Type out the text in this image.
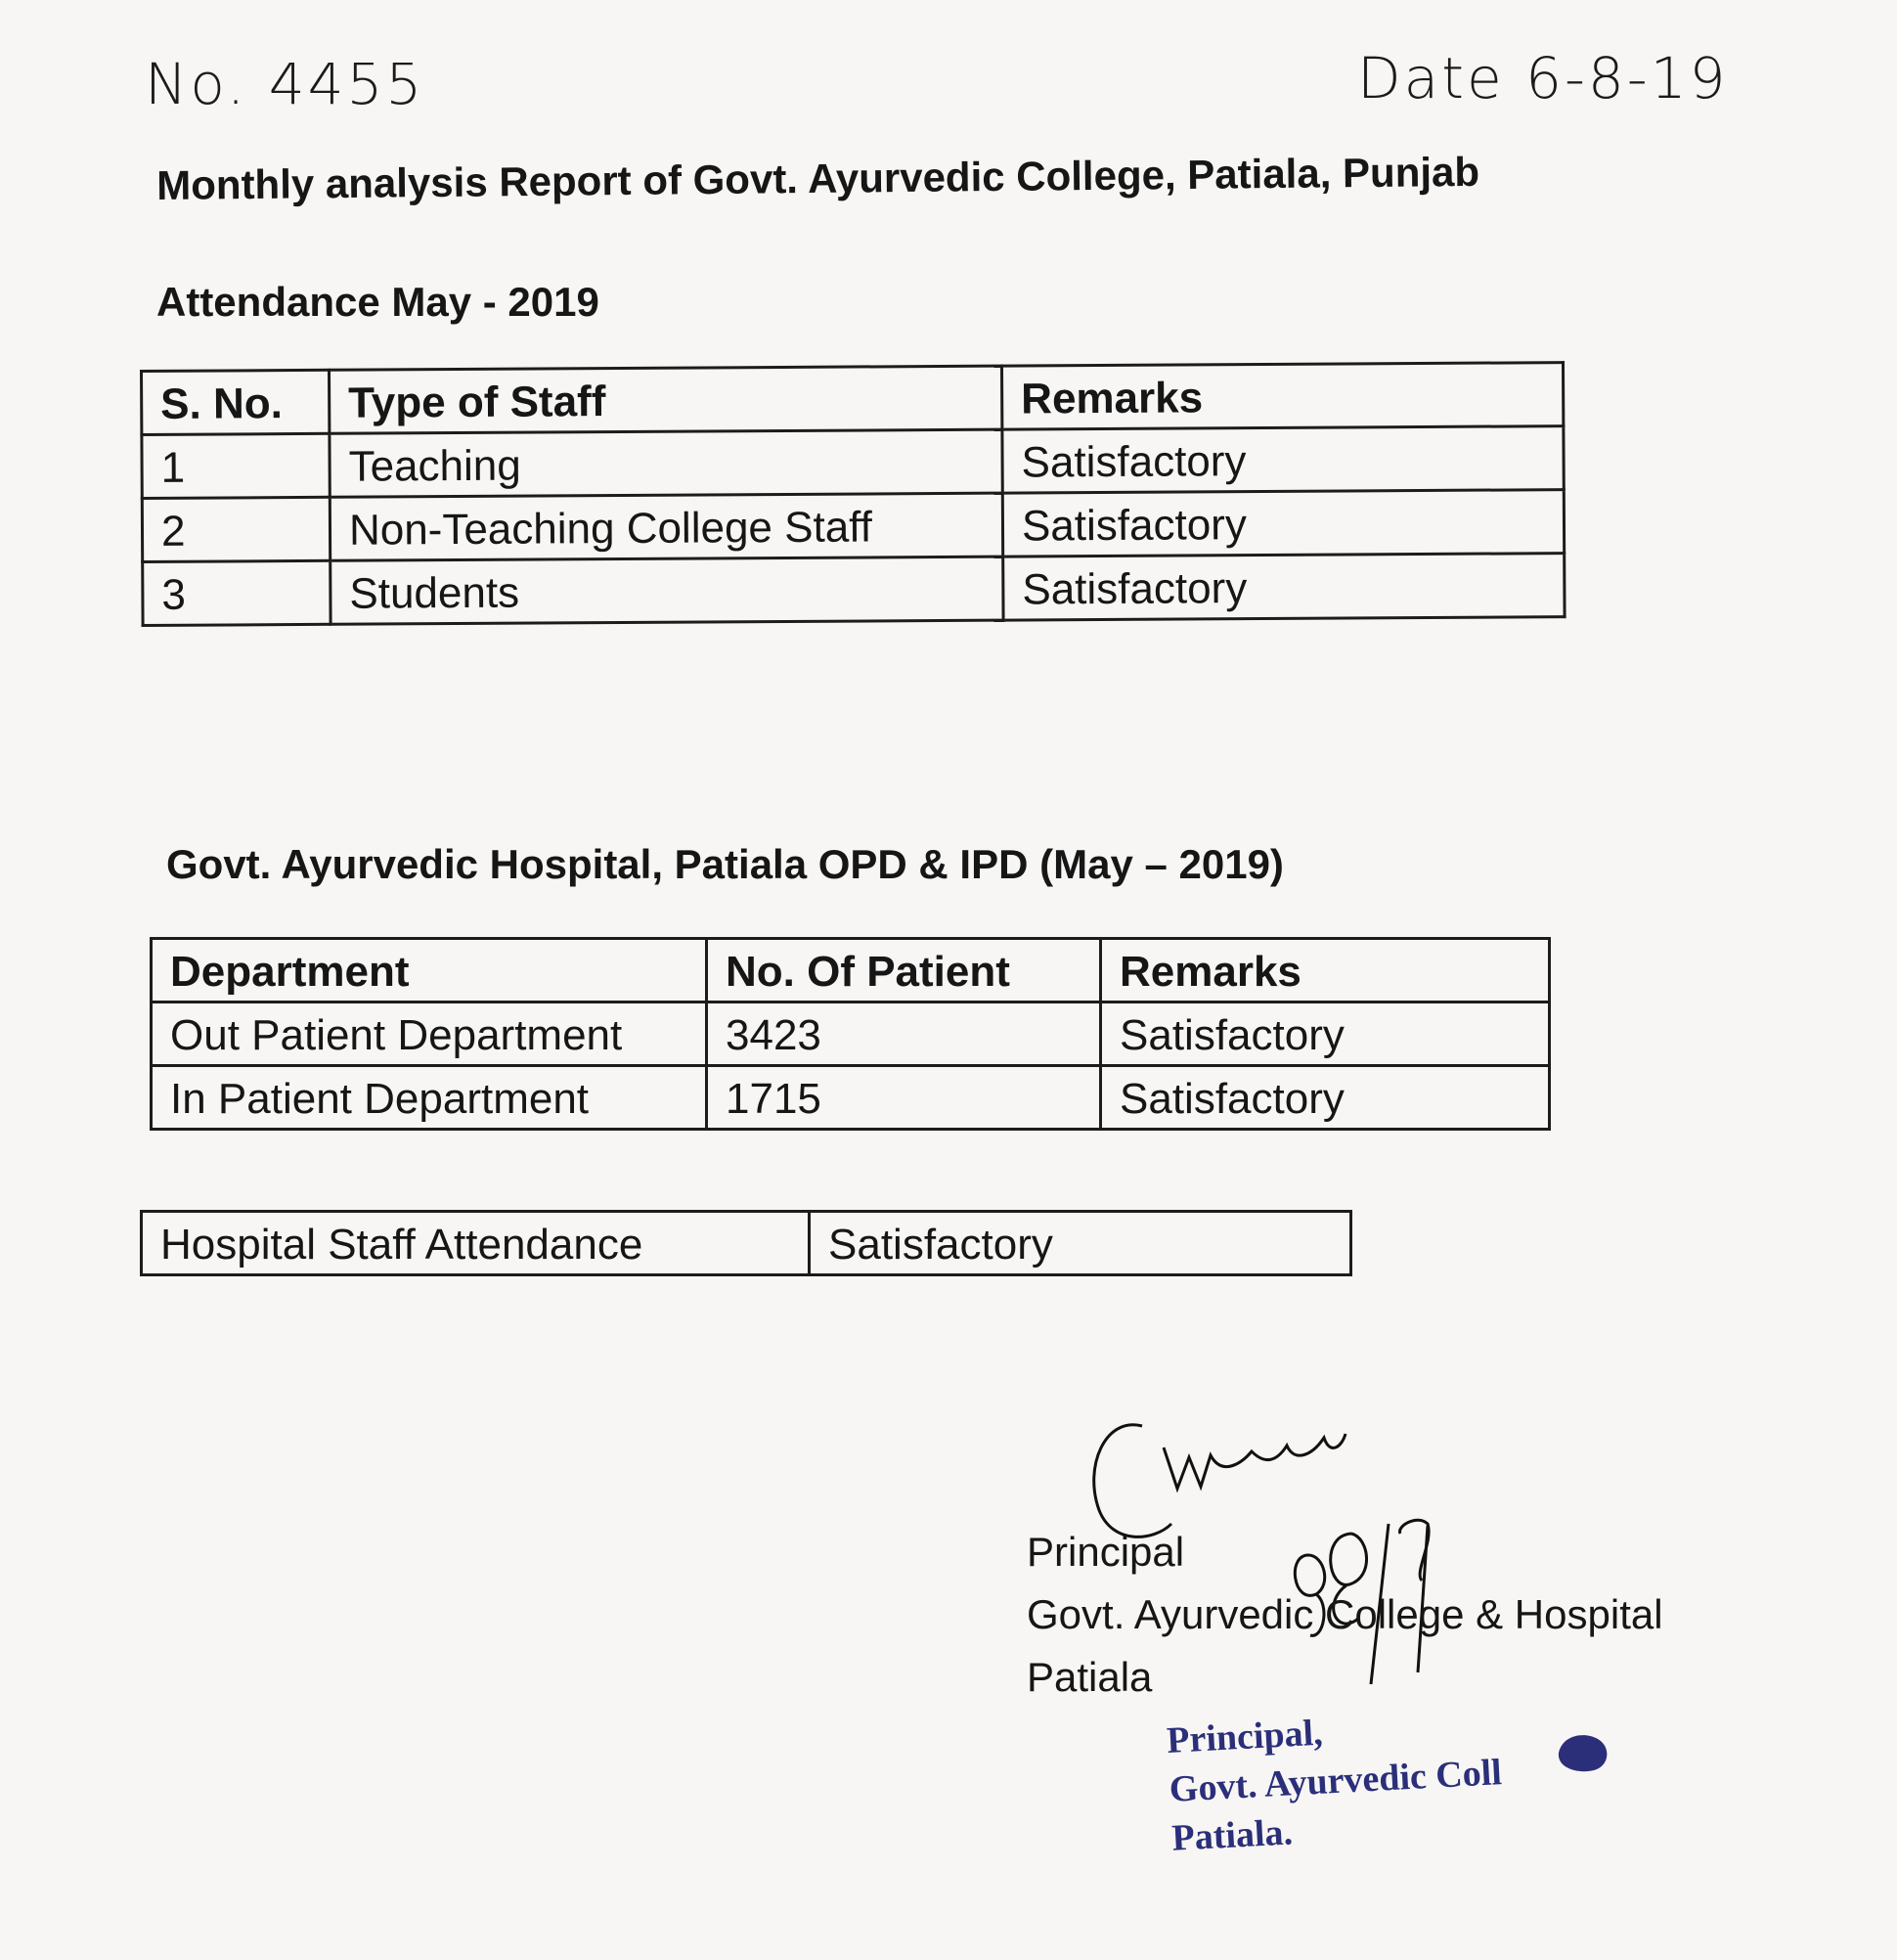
No. 4455	Date 6-8-19
Monthly analysis Report of Govt. Ayurvedic College, Patiala, Punjab
Attendance May - 2019
S. No.	Type of Staff	Remarks
1	Teaching	Satisfactory
2	Non-Teaching College Staff	Satisfactory
3	Students	Satisfactory
Govt. Ayurvedic Hospital, Patiala OPD & IPD (May – 2019)
Department	No. Of Patient	Remarks
Out Patient Department	3423	Satisfactory
In Patient Department	1715	Satisfactory
Hospital Staff Attendance	Satisfactory
Principal
Govt. Ayurvedic College & Hospital
Patiala
Principal,
Govt. Ayurvedic Coll
Patiala.
